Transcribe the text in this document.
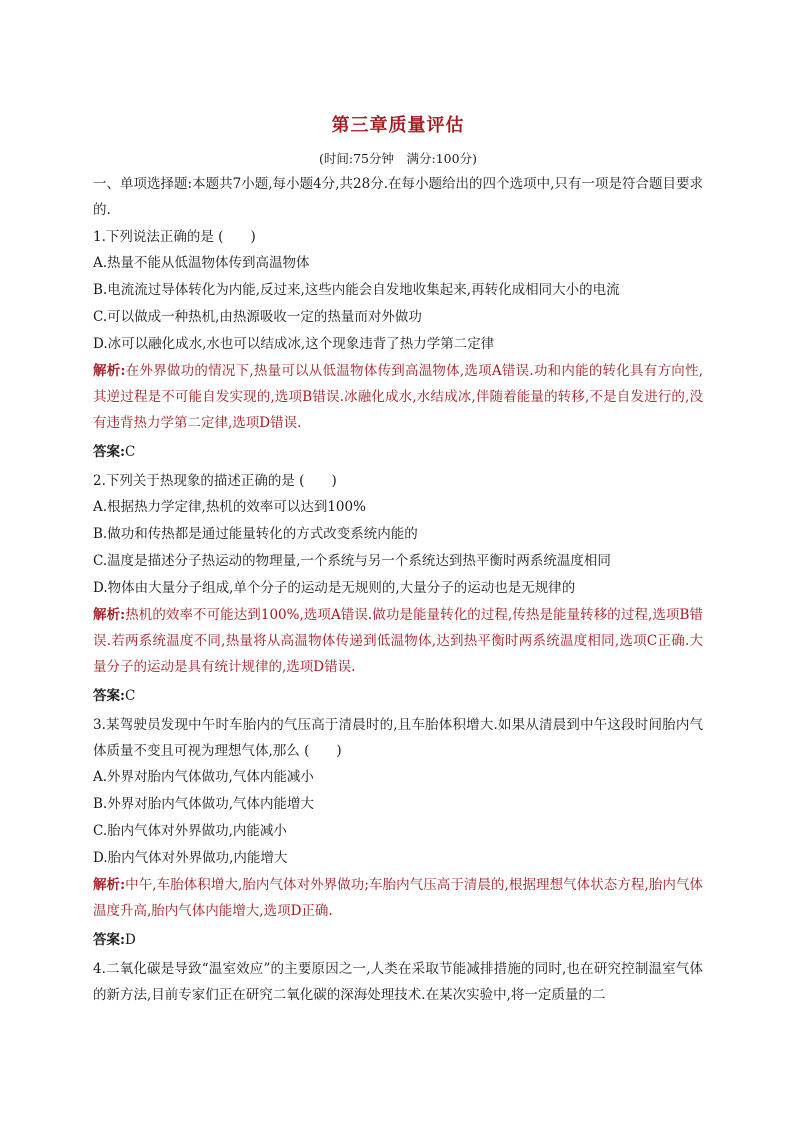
第三章质量评估
(时间:75分钟　满分:100分)
一、单项选择题:本题共7小题,每小题4分,共28分.在每小题给出的四个选项中,只有一项是符合题目要求的.
1.下列说法正确的是 (　　)
A.热量不能从低温物体传到高温物体
B.电流流过导体转化为内能,反过来,这些内能会自发地收集起来,再转化成相同大小的电流
C.可以做成一种热机,由热源吸收一定的热量而对外做功
D.冰可以融化成水,水也可以结成冰,这个现象违背了热力学第二定律
解析:在外界做功的情况下,热量可以从低温物体传到高温物体,选项A错误.功和内能的转化具有方向性,其逆过程是不可能自发实现的,选项B错误.冰融化成水,水结成冰,伴随着能量的转移,不是自发进行的,没有违背热力学第二定律,选项D错误.
答案:C
2.下列关于热现象的描述正确的是 (　　)
A.根据热力学定律,热机的效率可以达到100%
B.做功和传热都是通过能量转化的方式改变系统内能的
C.温度是描述分子热运动的物理量,一个系统与另一个系统达到热平衡时两系统温度相同
D.物体由大量分子组成,单个分子的运动是无规则的,大量分子的运动也是无规律的
解析:热机的效率不可能达到100%,选项A错误.做功是能量转化的过程,传热是能量转移的过程,选项B错误.若两系统温度不同,热量将从高温物体传递到低温物体,达到热平衡时两系统温度相同,选项C正确.大量分子的运动是具有统计规律的,选项D错误.
答案:C
3.某驾驶员发现中午时车胎内的气压高于清晨时的,且车胎体积增大.如果从清晨到中午这段时间胎内气体质量不变且可视为理想气体,那么 (　　)
A.外界对胎内气体做功,气体内能减小
B.外界对胎内气体做功,气体内能增大
C.胎内气体对外界做功,内能减小
D.胎内气体对外界做功,内能增大
解析:中午,车胎体积增大,胎内气体对外界做功;车胎内气压高于清晨的,根据理想气体状态方程,胎内气体温度升高,胎内气体内能增大,选项D正确.
答案:D
4.二氧化碳是导致“温室效应”的主要原因之一,人类在采取节能减排措施的同时,也在研究控制温室气体的新方法,目前专家们正在研究二氧化碳的深海处理技术.在某次实验中,将一定质量的二
